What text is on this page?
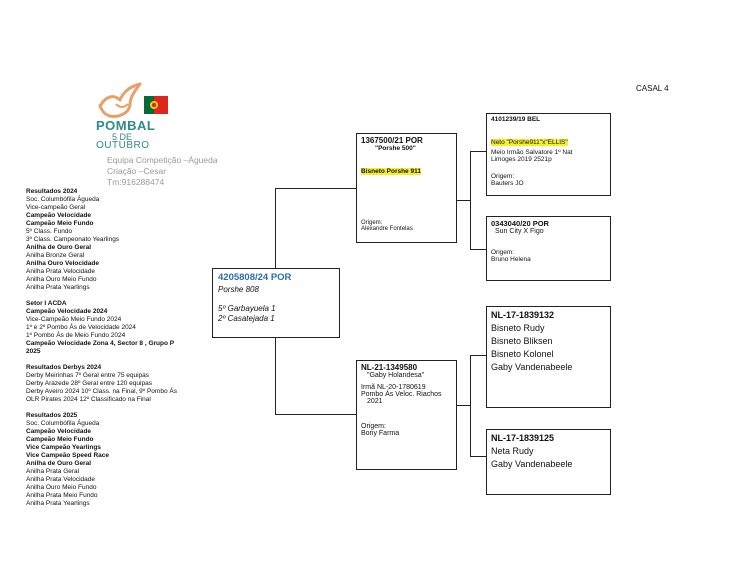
CASAL 4
POMBAL
5 DE
OUTUBRO
Equipa Competição –Águeda
Criação –Cesar
Tm:916288474
Resultados 2024
Soc. Columbófila Águeda
Vice-campeão Geral
Campeão Velocidade
Campeão Meio Fundo
5º Class. Fundo
3º Class. Campeonato Yearlings
Anilha de Ouro Geral
Anilha Bronze Geral
Anilha Ouro Velocidade
Anilha Prata Velocidade
Anilha Ouro Meio Fundo
Anilha Prata Yearlings
Setor I ACDA
Campeão Velocidade 2024
Vice-Campeão Meio Fundo 2024
1º e 2º Pombo Ás de Velocidade 2024
1º Pombo Ás de Meio Fundo 2024
Campeão Velocidade Zona 4, Sector 8 , Grupo P
2025
Resultados Derbys 2024
Derby Meirinhas 7º Geral entre 75 equipas
Derby Arazede 28º Geral entre 120 equipas
Derby Aveiro 2024 10º Class. na Final, 9º Pombo Ás
OLR Pirates 2024 12º Classificado na Final
Resultados 2025
Soc. Columbófila Águeda
Campeão Velocidade
Campeão Meio Fundo
Vice Campeão Yearlings
Vice Campeão Speed Race
Anilha de Ouro Geral
Anilha Prata Geral
Anilha Prata Velocidade
Anilha Ouro Meio Fundo
Anilha Prata Meio Fundo
Anilha Prata Yearlings
4205808/24 POR
Porshe 808
5º Garbayuela 1
2º Casatejada 1
1367500/21 POR
"Porshe 500"
Bisneto Porshe 911
Origem:
Alexandre Fontelas
NL-21-1349580
"Gaby Holandesa"
Irmã NL-20-1780619
Pombo Ás Veloc. Riachos
2021
Origem:
Bony Farma
4101239/19 BEL
Neto "Porshe911"x"ELLIS"
Meio Irmão Salvatore 1º Nat
Limoges 2019 2521p
Origem:
Bauters JO
0343040/20 POR
Sun City X Figo
Origem:
Bruno Helena
NL-17-1839132
Bisneto Rudy
Bisneto Bliksen
Bisneto Kolonel
Gaby Vandenabeele
NL-17-1839125
Neta Rudy
Gaby Vandenabeele
